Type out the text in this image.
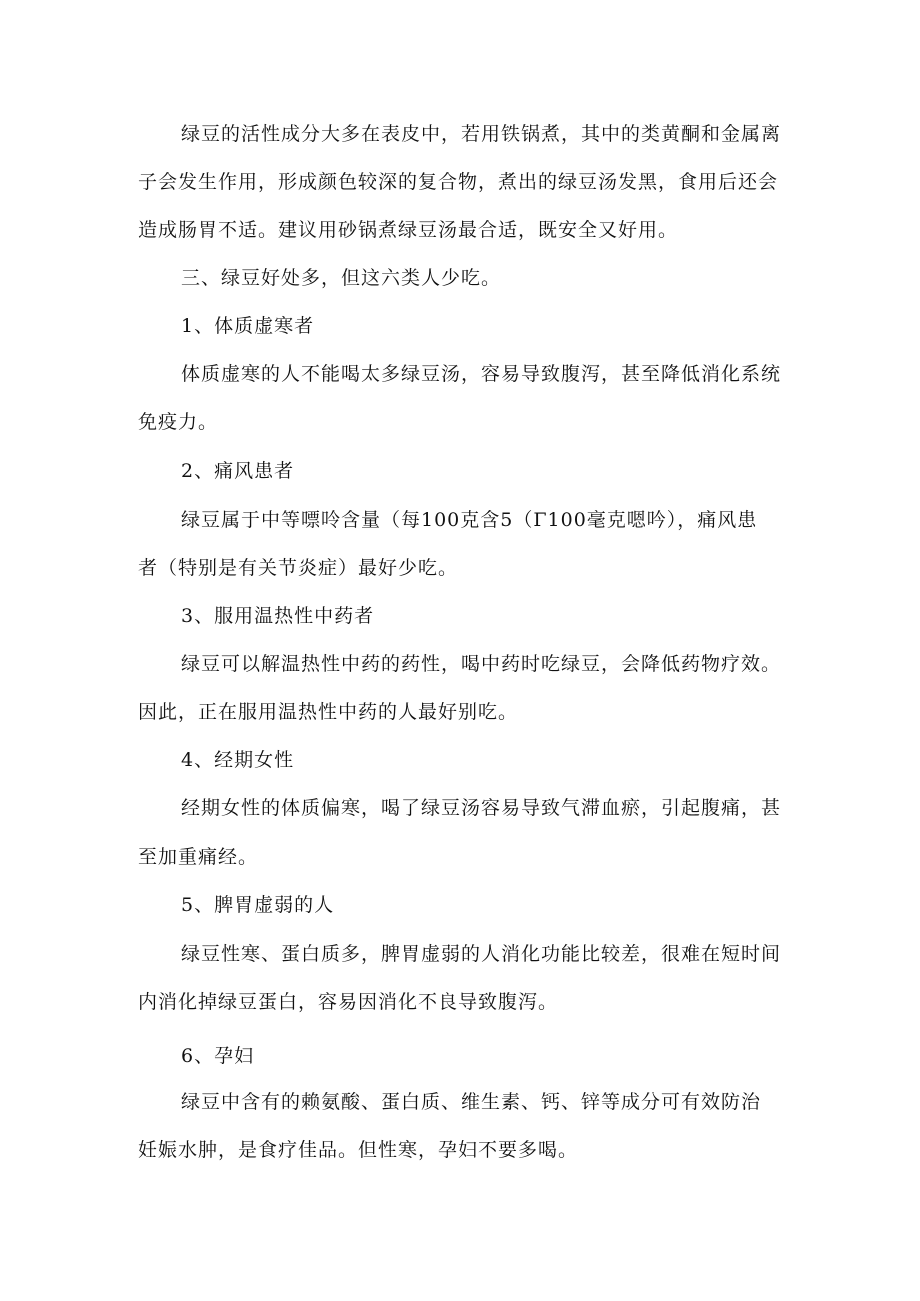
绿豆的活性成分大多在表皮中，若用铁锅煮，其中的类黄酮和金属离
子会发生作用，形成颜色较深的复合物，煮出的绿豆汤发黑，食用后还会
造成肠胃不适。建议用砂锅煮绿豆汤最合适，既安全又好用。
三、绿豆好处多，但这六类人少吃。
1、体质虚寒者
体质虚寒的人不能喝太多绿豆汤，容易导致腹泻，甚至降低消化系统
免疫力。
2、痛风患者
绿豆属于中等嘌呤含量（每100克含5（Γ100毫克嗯吟），痛风患
者（特别是有关节炎症）最好少吃。
3、服用温热性中药者
绿豆可以解温热性中药的药性，喝中药时吃绿豆，会降低药物疗效。
因此，正在服用温热性中药的人最好别吃。
4、经期女性
经期女性的体质偏寒，喝了绿豆汤容易导致气滞血瘀，引起腹痛，甚
至加重痛经。
5、脾胃虚弱的人
绿豆性寒、蛋白质多，脾胃虚弱的人消化功能比较差，很难在短时间
内消化掉绿豆蛋白，容易因消化不良导致腹泻。
6、孕妇
绿豆中含有的赖氨酸、蛋白质、维生素、钙、锌等成分可有效防治
妊娠水肿，是食疗佳品。但性寒，孕妇不要多喝。
